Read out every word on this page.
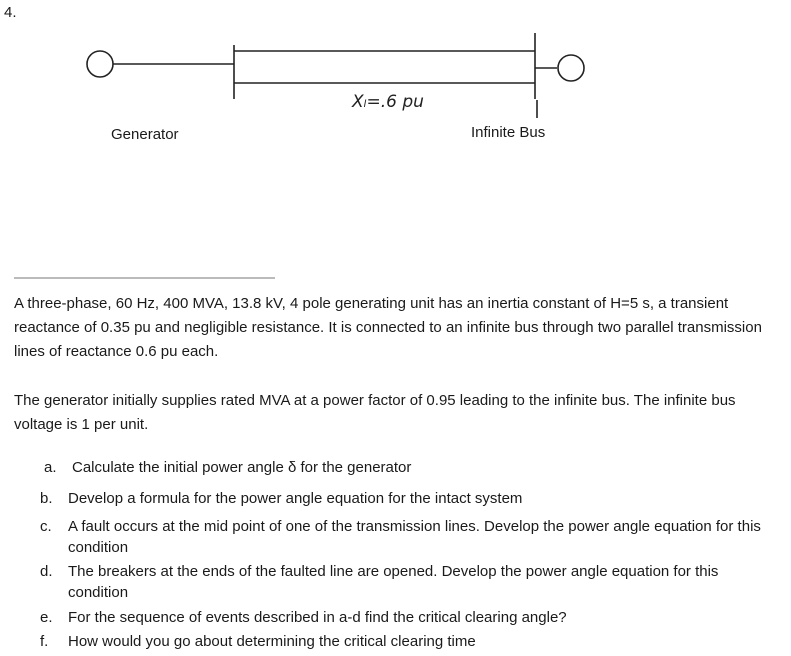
4.
Generator	Infinite Bus
Xₗ=.6 pu
A three-phase, 60 Hz, 400 MVA, 13.8 kV, 4 pole generating unit has an inertia constant of H=5 s, a transient reactance of 0.35 pu and negligible resistance. It is connected to an infinite bus through two parallel transmission lines of reactance 0.6 pu each.
The generator initially supplies rated MVA at a power factor of 0.95 leading to the infinite bus. The infinite bus voltage is 1 per unit.
a. Calculate the initial power angle δ for the generator
b. Develop a formula for the power angle equation for the intact system
c. A fault occurs at the mid point of one of the transmission lines. Develop the power angle equation for this condition
d. The breakers at the ends of the faulted line are opened. Develop the power angle equation for this condition
e. For the sequence of events described in a-d find the critical clearing angle?
f. How would you go about determining the critical clearing time
